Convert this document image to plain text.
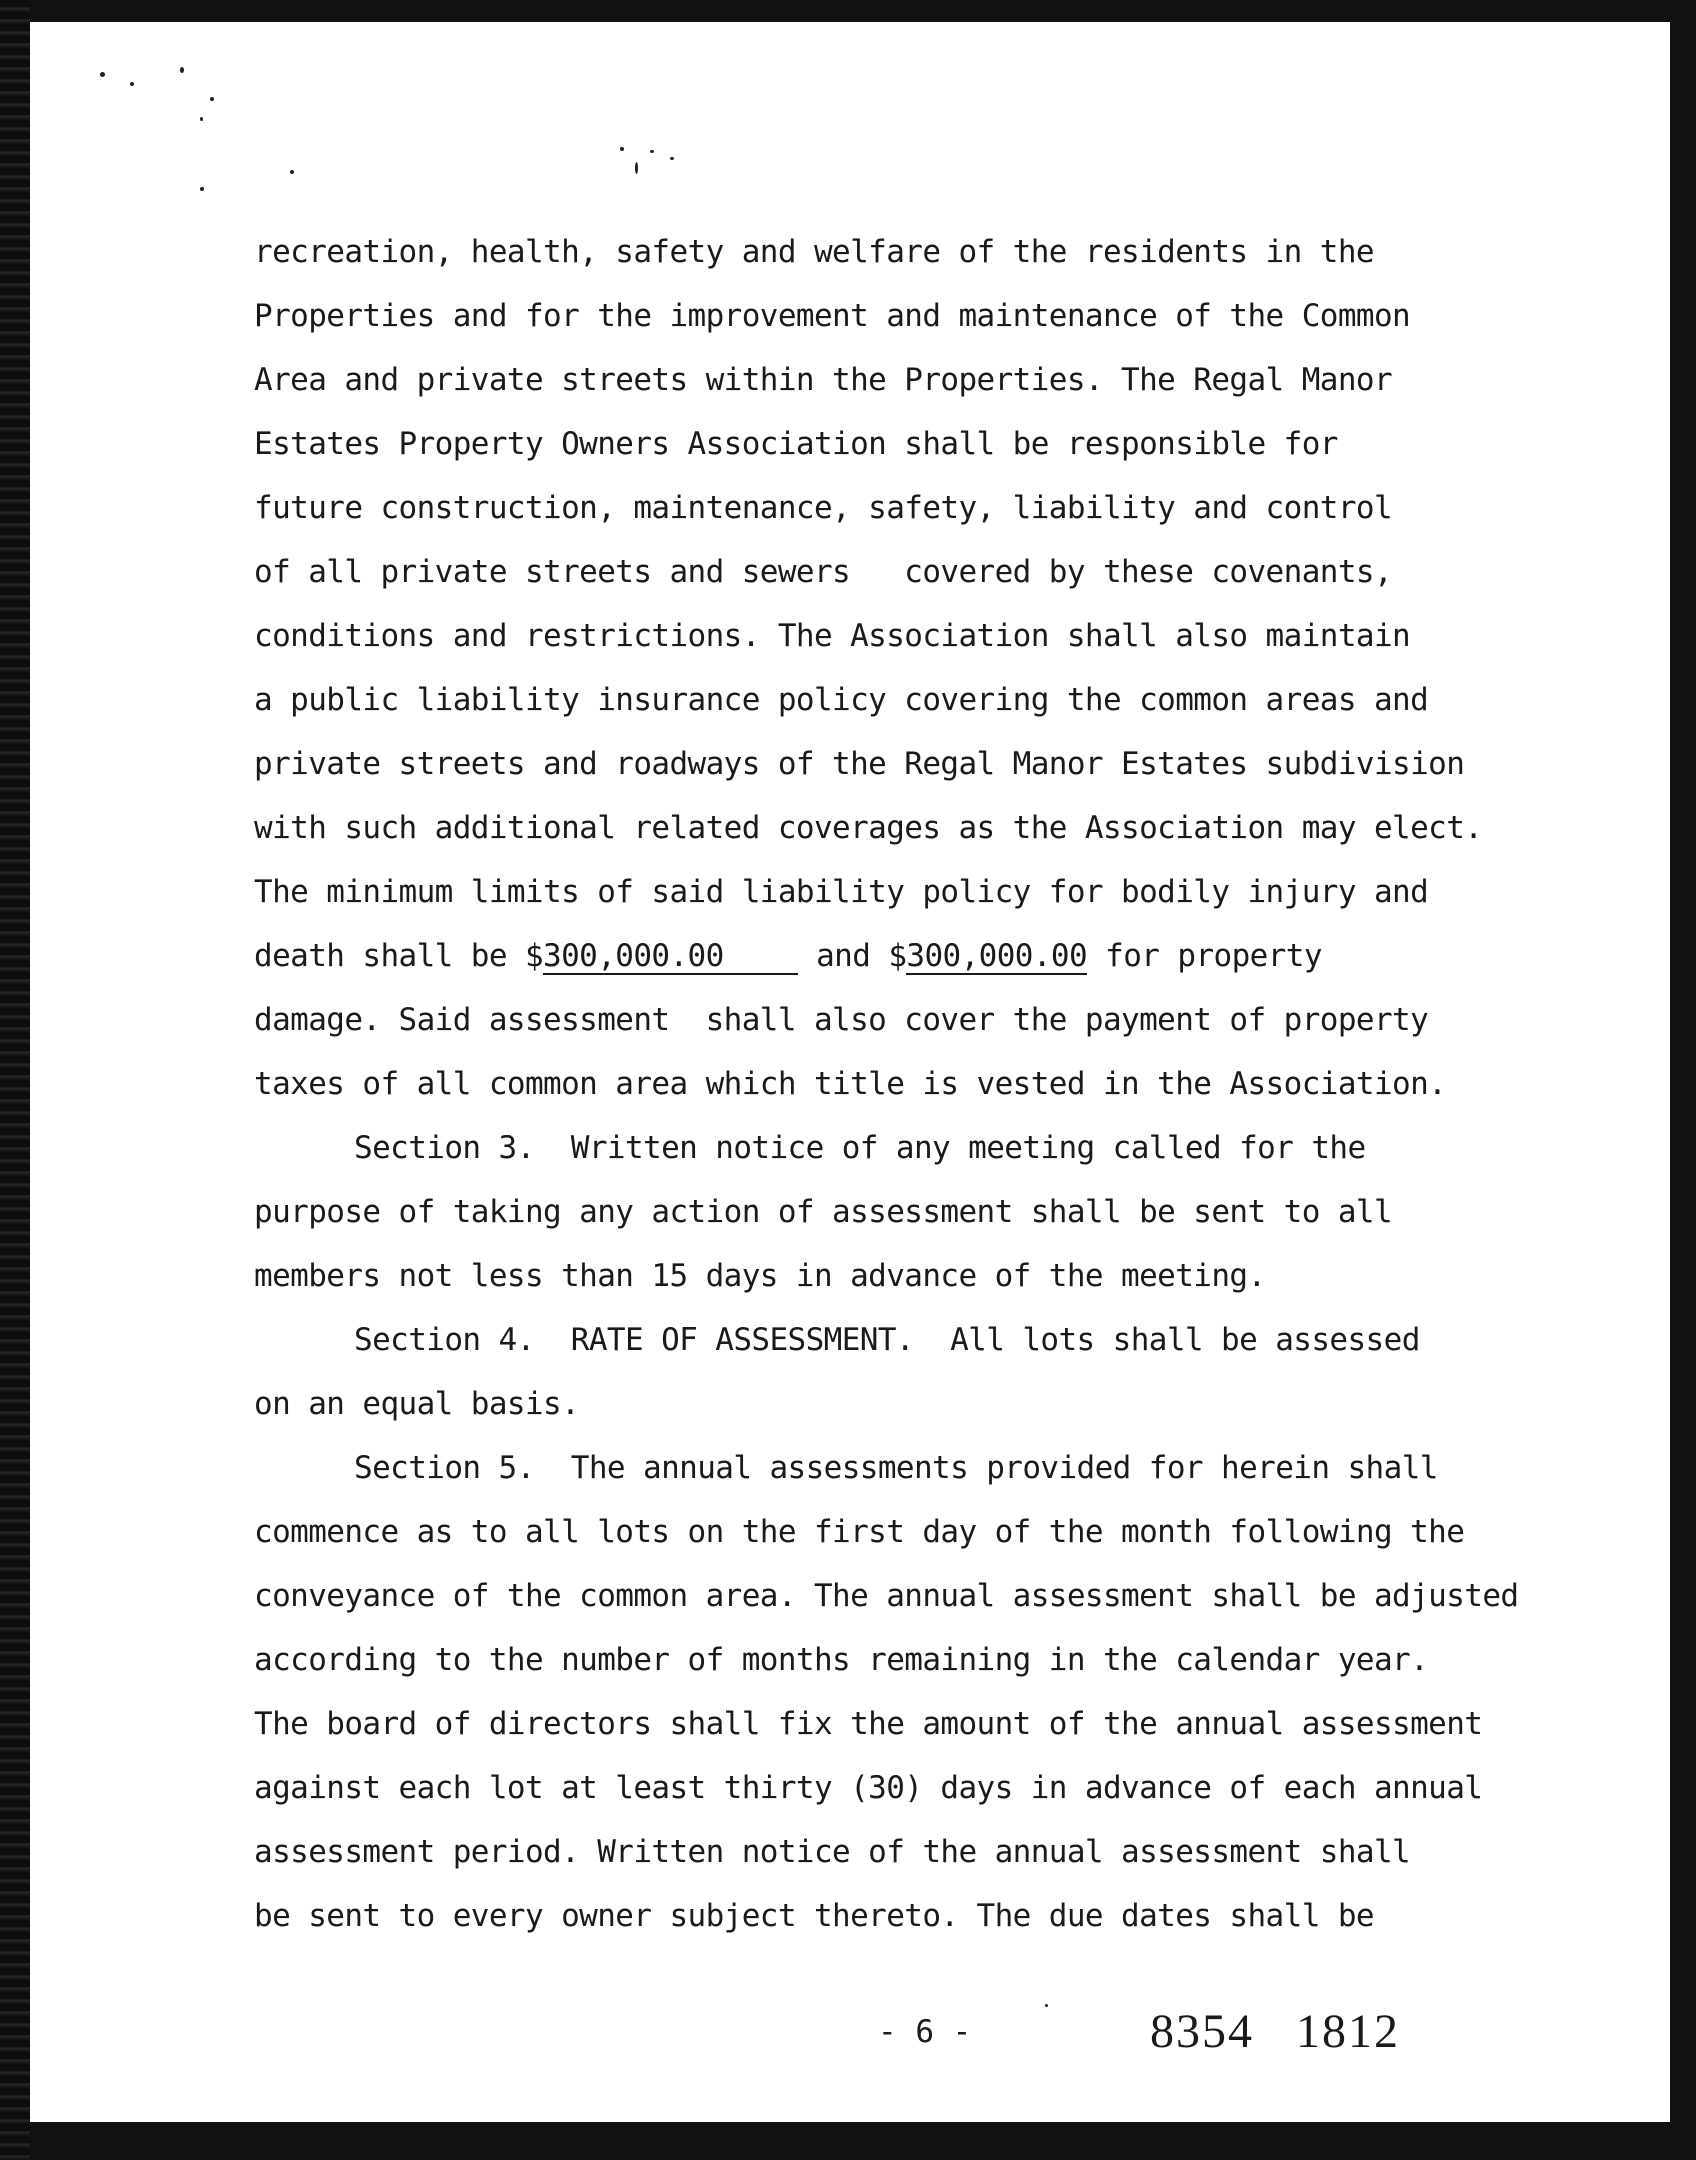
recreation, health, safety and welfare of the residents in the
Properties and for the improvement and maintenance of the Common
Area and private streets within the Properties. The Regal Manor
Estates Property Owners Association shall be responsible for
future construction, maintenance, safety, liability and control
of all private streets and sewers   covered by these covenants,
conditions and restrictions. The Association shall also maintain
a public liability insurance policy covering the common areas and
private streets and roadways of the Regal Manor Estates subdivision
with such additional related coverages as the Association may elect.
The minimum limits of said liability policy for bodily injury and
death shall be $300,000.00 and $300,000.00 for property
damage. Said assessment  shall also cover the payment of property
taxes of all common area which title is vested in the Association.
Section 3.  Written notice of any meeting called for the
purpose of taking any action of assessment shall be sent to all
members not less than 15 days in advance of the meeting.
Section 4.  RATE OF ASSESSMENT.  All lots shall be assessed
on an equal basis.
Section 5.  The annual assessments provided for herein shall
commence as to all lots on the first day of the month following the
conveyance of the common area. The annual assessment shall be adjusted
according to the number of months remaining in the calendar year.
The board of directors shall fix the amount of the annual assessment
against each lot at least thirty (30) days in advance of each annual
assessment period. Written notice of the annual assessment shall
be sent to every owner subject thereto. The due dates shall be
- 6 -	8354   1812
